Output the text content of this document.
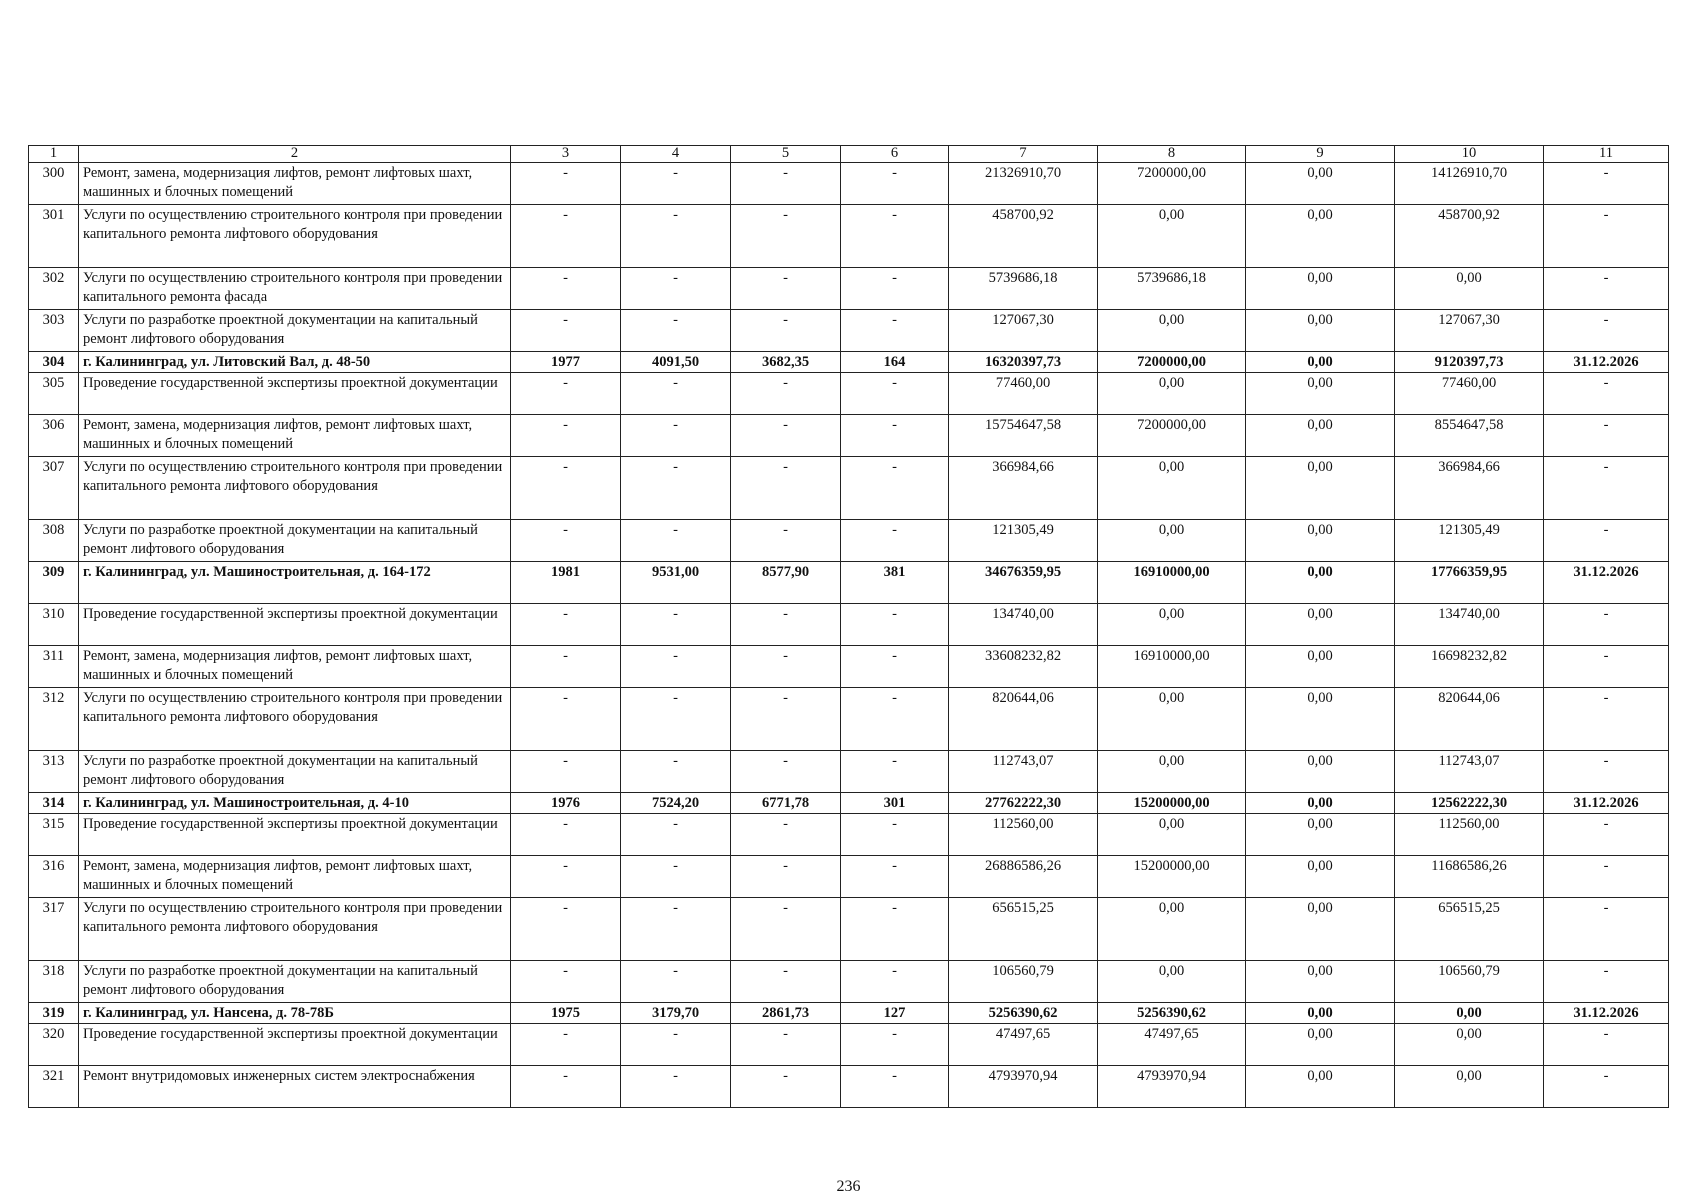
1	2	3	4	5	6	7	8	9	10	11
300	Ремонт, замена, модернизация лифтов, ремонт лифтовых шахт, машинных и блочных помещений	-	-	-	-	21326910,70	7200000,00	0,00	14126910,70	-
301	Услуги по осуществлению строительного контроля при проведении капитального ремонта лифтового оборудования	-	-	-	-	458700,92	0,00	0,00	458700,92	-
302	Услуги по осуществлению строительного контроля при проведении капитального ремонта фасада	-	-	-	-	5739686,18	5739686,18	0,00	0,00	-
303	Услуги по разработке проектной документации на капитальный ремонт лифтового оборудования	-	-	-	-	127067,30	0,00	0,00	127067,30	-
304	г. Калининград, ул. Литовский Вал, д. 48-50	1977	4091,50	3682,35	164	16320397,73	7200000,00	0,00	9120397,73	31.12.2026
305	Проведение государственной экспертизы проектной документации	-	-	-	-	77460,00	0,00	0,00	77460,00	-
306	Ремонт, замена, модернизация лифтов, ремонт лифтовых шахт, машинных и блочных помещений	-	-	-	-	15754647,58	7200000,00	0,00	8554647,58	-
307	Услуги по осуществлению строительного контроля при проведении капитального ремонта лифтового оборудования	-	-	-	-	366984,66	0,00	0,00	366984,66	-
308	Услуги по разработке проектной документации на капитальный ремонт лифтового оборудования	-	-	-	-	121305,49	0,00	0,00	121305,49	-
309	г. Калининград, ул. Машиностроительная, д. 164-172	1981	9531,00	8577,90	381	34676359,95	16910000,00	0,00	17766359,95	31.12.2026
310	Проведение государственной экспертизы проектной документации	-	-	-	-	134740,00	0,00	0,00	134740,00	-
311	Ремонт, замена, модернизация лифтов, ремонт лифтовых шахт, машинных и блочных помещений	-	-	-	-	33608232,82	16910000,00	0,00	16698232,82	-
312	Услуги по осуществлению строительного контроля при проведении капитального ремонта лифтового оборудования	-	-	-	-	820644,06	0,00	0,00	820644,06	-
313	Услуги по разработке проектной документации на капитальный ремонт лифтового оборудования	-	-	-	-	112743,07	0,00	0,00	112743,07	-
314	г. Калининград, ул. Машиностроительная, д. 4-10	1976	7524,20	6771,78	301	27762222,30	15200000,00	0,00	12562222,30	31.12.2026
315	Проведение государственной экспертизы проектной документации	-	-	-	-	112560,00	0,00	0,00	112560,00	-
316	Ремонт, замена, модернизация лифтов, ремонт лифтовых шахт, машинных и блочных помещений	-	-	-	-	26886586,26	15200000,00	0,00	11686586,26	-
317	Услуги по осуществлению строительного контроля при проведении капитального ремонта лифтового оборудования	-	-	-	-	656515,25	0,00	0,00	656515,25	-
318	Услуги по разработке проектной документации на капитальный ремонт лифтового оборудования	-	-	-	-	106560,79	0,00	0,00	106560,79	-
319	г. Калининград, ул. Нансена, д. 78-78Б	1975	3179,70	2861,73	127	5256390,62	5256390,62	0,00	0,00	31.12.2026
320	Проведение государственной экспертизы проектной документации	-	-	-	-	47497,65	47497,65	0,00	0,00	-
321	Ремонт внутридомовых инженерных систем электроснабжения	-	-	-	-	4793970,94	4793970,94	0,00	0,00	-
236
